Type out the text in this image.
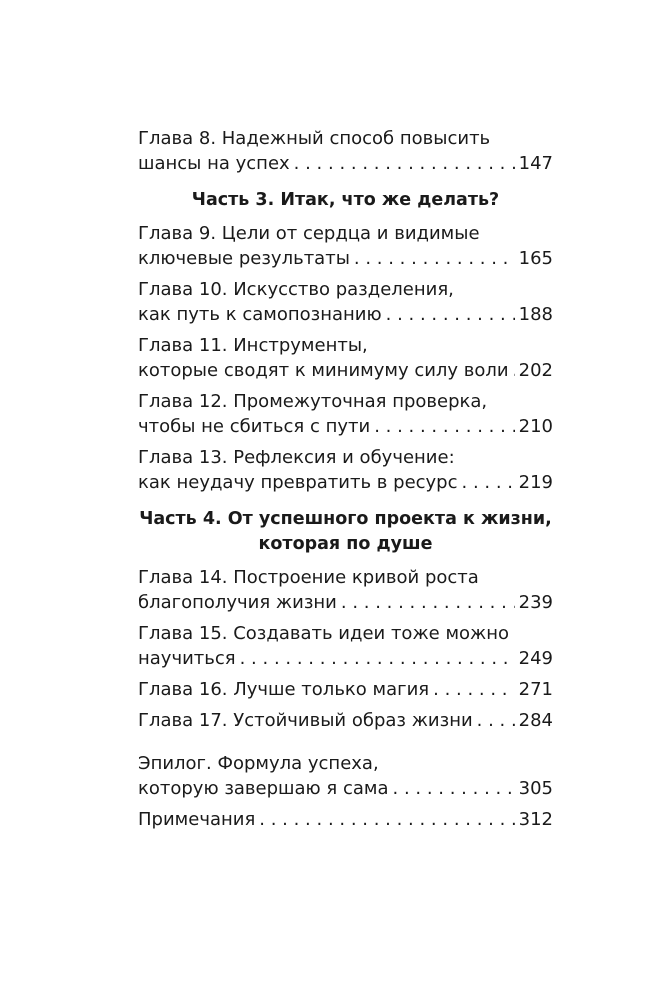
Глава 8. Надежный способ повысить
шансы на успех . . .	147
Часть 3. Итак, что же делать?
Глава 9. Цели от сердца и видимые
ключевые результаты . . .	165
Глава 10. Искусство разделения,
как путь к самопознанию . . .	188
Глава 11. Инструменты,
которые сводят к минимуму силу воли . . . 202
Глава 12. Промежуточная проверка,
чтобы не сбиться с пути . . .	210
Глава 13. Рефлексия и обучение:
как неудачу превратить в ресурс . . .	219
Часть 4. От успешного проекта к жизни,
которая по душе
Глава 14. Построение кривой роста
благополучия жизни . . .	239
Глава 15. Создавать идеи тоже можно
научиться . . .	249
Глава 16. Лучше только магия . . .	271
Глава 17. Устойчивый образ жизни . . .	284
Эпилог. Формула успеха,
которую завершаю я сама . . .	305
Примечания . . .	312
